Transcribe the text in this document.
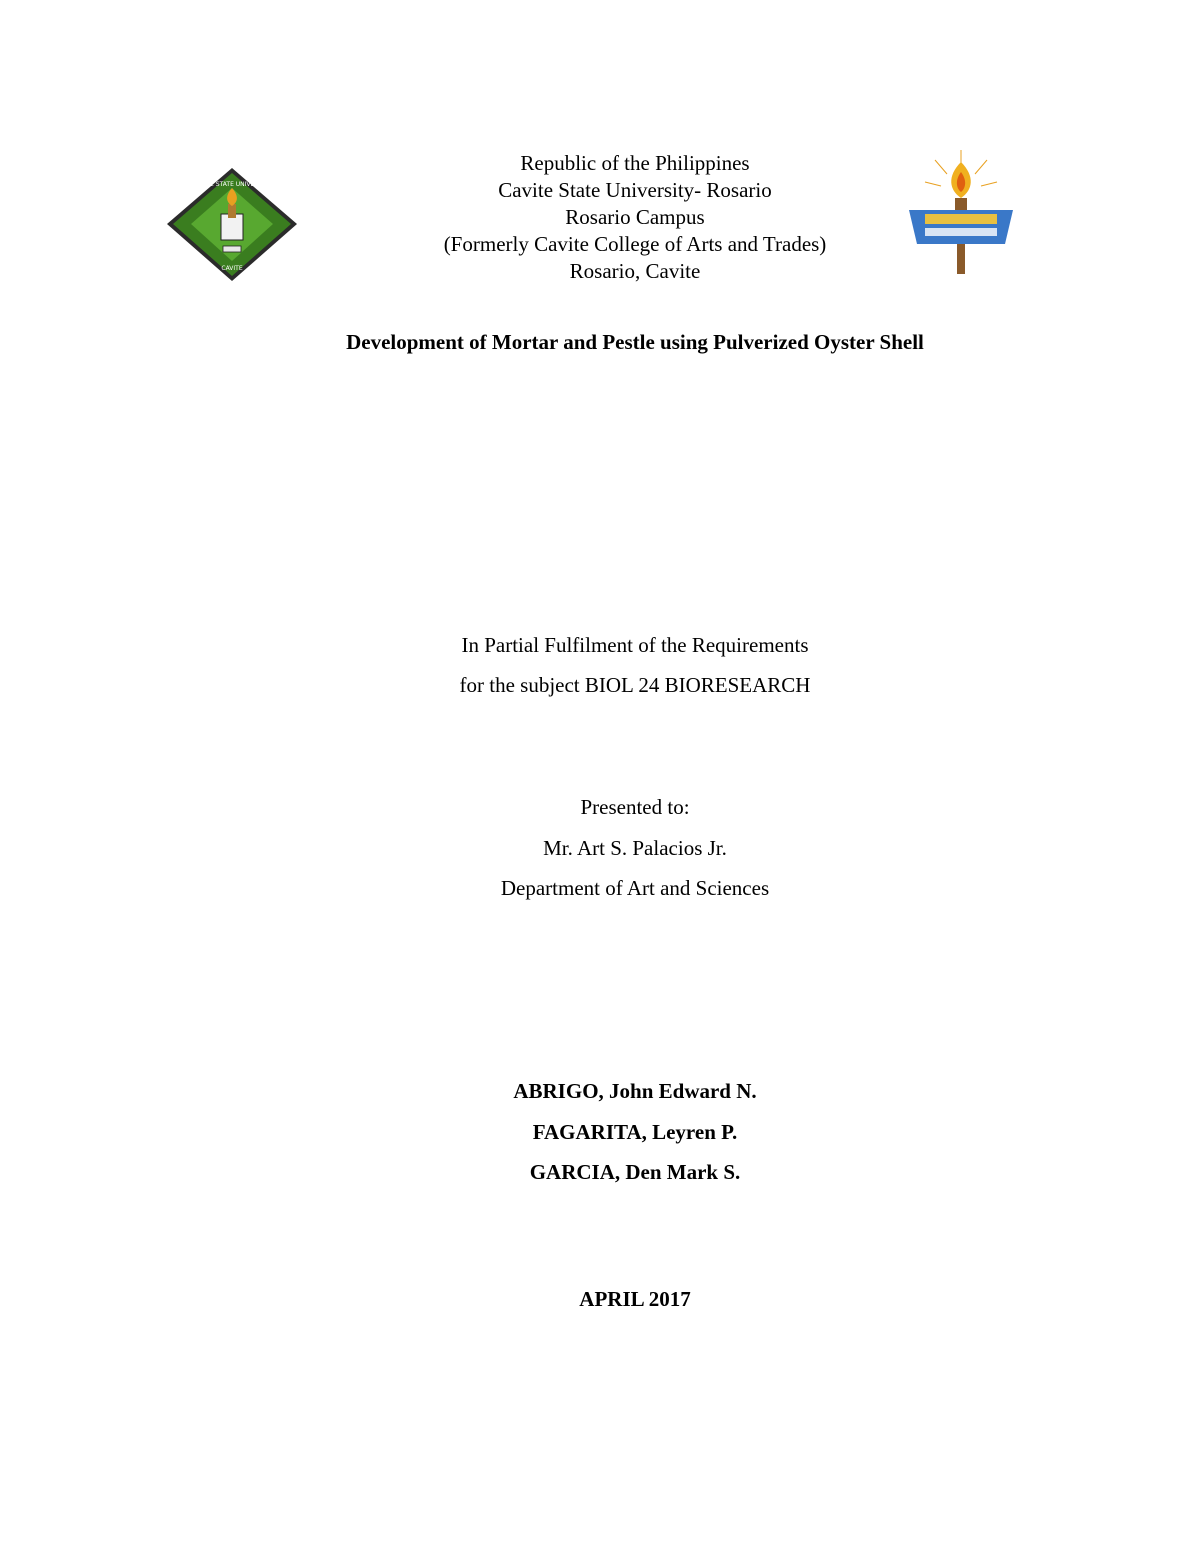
CAVITE STATE UNIVERSITY
CAVITE
Republic of the Philippines
Cavite State University- Rosario
Rosario Campus
(Formerly Cavite College of Arts and Trades)
Rosario, Cavite
Development of Mortar and Pestle using Pulverized Oyster Shell
In Partial Fulfilment of the Requirements
for the subject BIOL 24 BIORESEARCH
Presented to:
Mr. Art S. Palacios Jr.
Department of Art and Sciences
ABRIGO, John Edward N.
FAGARITA, Leyren P.
GARCIA, Den Mark S.
APRIL 2017
